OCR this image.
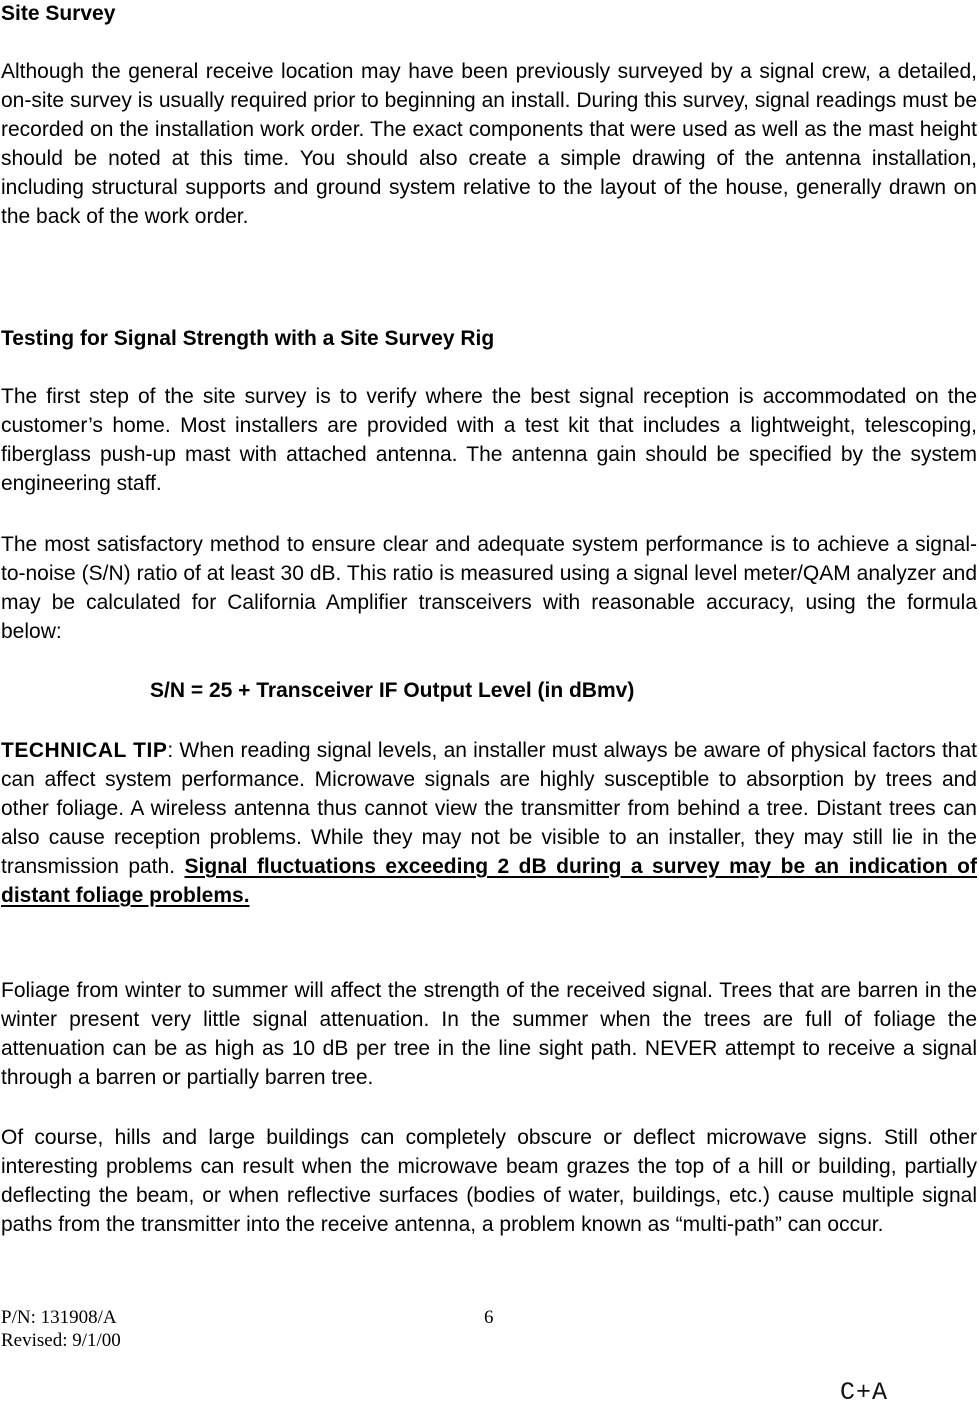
Site Survey

Although the general receive location may have been previously surveyed by a signal crew, a detailed, on-site survey is usually required prior to beginning an install. During this survey, signal readings must be recorded on the installation work order. The exact components that were used as well as the mast height should be noted at this time. You should also create a simple drawing of the antenna installation, including structural supports and ground system relative to the layout of the house, generally drawn on the back of the work order.

Testing for Signal Strength with a Site Survey Rig

The first step of the site survey is to verify where the best signal reception is accommodated on the customer’s home. Most installers are provided with a test kit that includes a lightweight, telescoping, fiberglass push-up mast with attached antenna. The antenna gain should be specified by the system engineering staff.

The most satisfactory method to ensure clear and adequate system performance is to achieve a signal-to-noise (S/N) ratio of at least 30 dB. This ratio is measured using a signal level meter/QAM analyzer and may be calculated for California Amplifier transceivers with reasonable accuracy, using the formula below:

S/N = 25 + Transceiver IF Output Level (in dBmv)

TECHNICAL TIP: When reading signal levels, an installer must always be aware of physical factors that can affect system performance. Microwave signals are highly susceptible to absorption by trees and other foliage. A wireless antenna thus cannot view the transmitter from behind a tree. Distant trees can also cause reception problems. While they may not be visible to an installer, they may still lie in the transmission path. Signal fluctuations exceeding 2 dB during a survey may be an indication of distant foliage problems.

Foliage from winter to summer will affect the strength of the received signal. Trees that are barren in the winter present very little signal attenuation. In the summer when the trees are full of foliage the attenuation can be as high as 10 dB per tree in the line sight path. NEVER attempt to receive a signal through a barren or partially barren tree.

Of course, hills and large buildings can completely obscure or deflect microwave signs. Still other interesting problems can result when the microwave beam grazes the top of a hill or building, partially deflecting the beam, or when reflective surfaces (bodies of water, buildings, etc.) cause multiple signal paths from the transmitter into the receive antenna, a problem known as “multi-path” can occur.

P/N: 131908/A

Revised: 9/1/00

6

C+A
